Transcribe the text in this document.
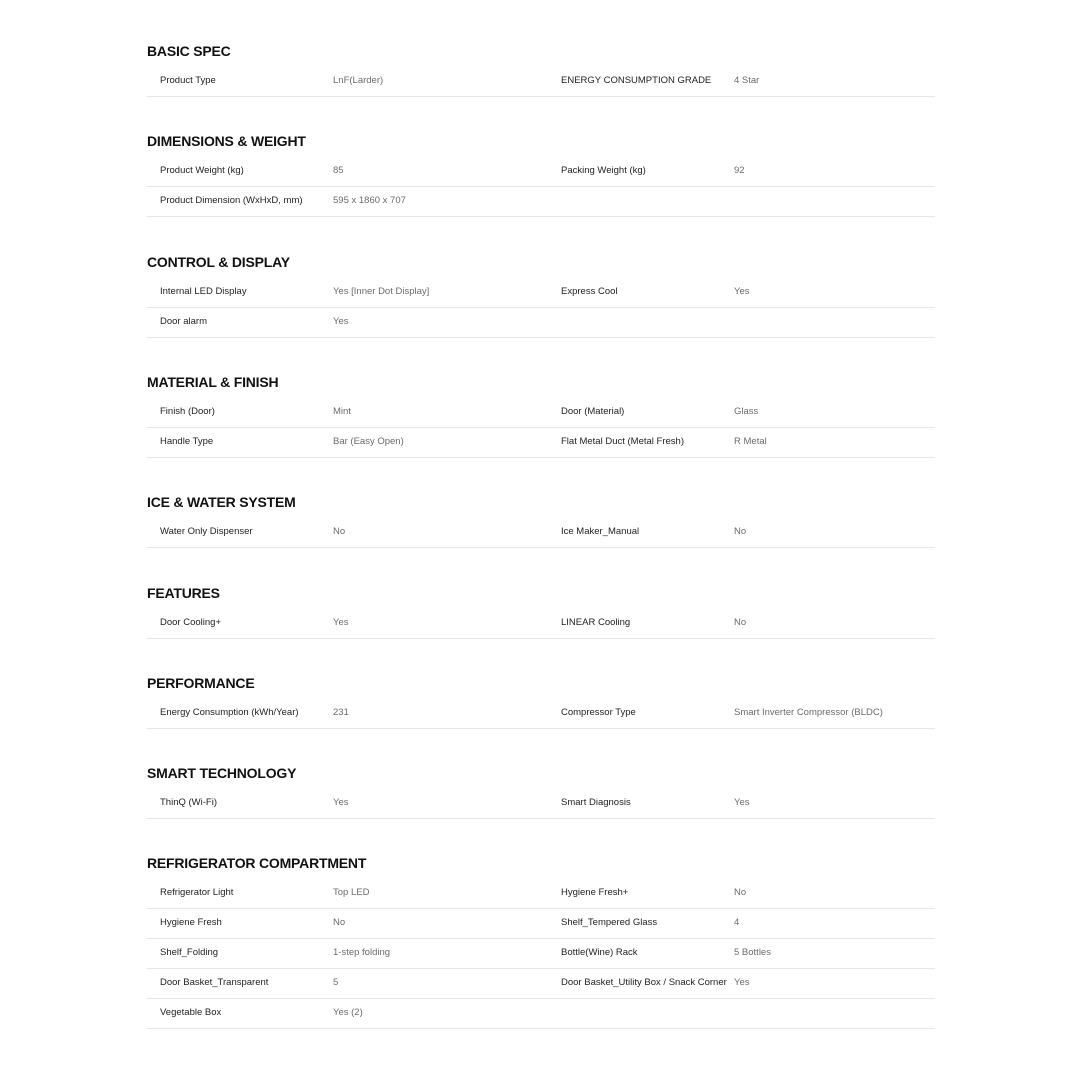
BASIC SPEC
Product Type	LnF(Larder)	ENERGY CONSUMPTION GRADE 4 Star
DIMENSIONS & WEIGHT
Product Weight (kg)	85	Packing Weight (kg)	92
Product Dimension (WxHxD, mm)	595 x 1860 x 707
CONTROL & DISPLAY
Internal LED Display	Yes [Inner Dot Display]	Express Cool	Yes
Door alarm	Yes
MATERIAL & FINISH
Finish (Door)	Mint	Door (Material)	Glass
Handle Type	Bar (Easy Open)	Flat Metal Duct (Metal Fresh)	R Metal
ICE & WATER SYSTEM
Water Only Dispenser	No	Ice Maker_Manual	No
FEATURES
Door Cooling+	Yes	LINEAR Cooling	No
PERFORMANCE
Energy Consumption (kWh/Year)	231	Compressor Type	Smart Inverter Compressor (BLDC)
SMART TECHNOLOGY
ThinQ (Wi-Fi)	Yes	Smart Diagnosis	Yes
REFRIGERATOR COMPARTMENT
Refrigerator Light	Top LED	Hygiene Fresh+	No
Hygiene Fresh	No	Shelf_Tempered Glass	4
Shelf_Folding	1-step folding	Bottle(Wine) Rack	5 Bottles
Door Basket_Transparent	5	Door Basket_Utility Box / Snack Corner Yes
Vegetable Box	Yes (2)
